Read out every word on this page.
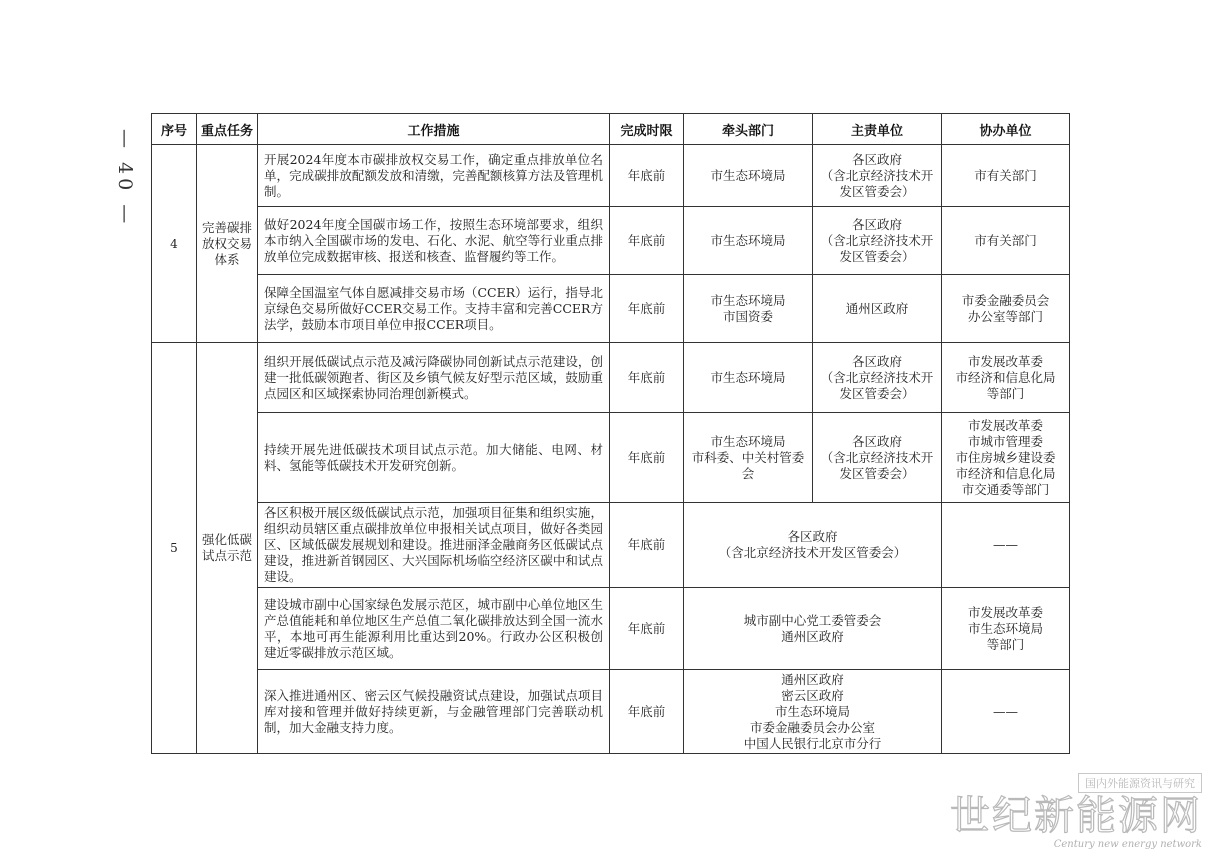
— 40 — 序号	重点任务	工作措施	完成时限	牵头部门	主责单位	协办单位
4	完善碳排放权交易体系	开展2024年度本市碳排放权交易工作，确定重点排放单位名单，完成碳排放配额发放和清缴，完善配额核算方法及管理机制。	年底前	市生态环境局	各区政府
（含北京经济技术开发区管委会）	市有关部门
		做好2024年度全国碳市场工作，按照生态环境部要求，组织本市纳入全国碳市场的发电、石化、水泥、航空等行业重点排放单位完成数据审核、报送和核查、监督履约等工作。	年底前	市生态环境局	各区政府
（含北京经济技术开发区管委会）	市有关部门
		保障全国温室气体自愿减排交易市场（CCER）运行，指导北京绿色交易所做好CCER交易工作。支持丰富和完善CCER方法学，鼓励本市项目单位申报CCER项目。	年底前	市生态环境局
市国资委	通州区政府	市委金融委员会
办公室等部门
5	强化低碳试点示范	组织开展低碳试点示范及减污降碳协同创新试点示范建设，创建一批低碳领跑者、街区及乡镇气候友好型示范区域，鼓励重点园区和区域探索协同治理创新模式。	年底前	市生态环境局	各区政府
（含北京经济技术开发区管委会）	市发展改革委
市经济和信息化局
等部门
		持续开展先进低碳技术项目试点示范。加大储能、电网、材料、氢能等低碳技术开发研究创新。	年底前	市生态环境局
市科委、中关村管委会	各区政府
（含北京经济技术开发区管委会）	市发展改革委
市城市管理委
市住房城乡建设委
市经济和信息化局
市交通委等部门
		各区积极开展区级低碳试点示范，加强项目征集和组织实施，组织动员辖区重点碳排放单位申报相关试点项目，做好各类园区、区域低碳发展规划和建设。推进丽泽金融商务区低碳试点建设，推进新首钢园区、大兴国际机场临空经济区碳中和试点建设。	年底前	各区政府
（含北京经济技术开发区管委会）		——
		建设城市副中心国家绿色发展示范区，城市副中心单位地区生产总值能耗和单位地区生产总值二氧化碳排放达到全国一流水平，本地可再生能源利用比重达到20%。行政办公区积极创建近零碳排放示范区域。	年底前	城市副中心党工委管委会
通州区政府		市发展改革委
市生态环境局
等部门
		深入推进通州区、密云区气候投融资试点建设，加强试点项目库对接和管理并做好持续更新，与金融管理部门完善联动机制，加大金融支持力度。	年底前	通州区政府
密云区政府
市生态环境局
市委金融委员会办公室
中国人民银行北京市分行		——
国内外能源资讯与研究
世纪新能源网
Century new energy network
